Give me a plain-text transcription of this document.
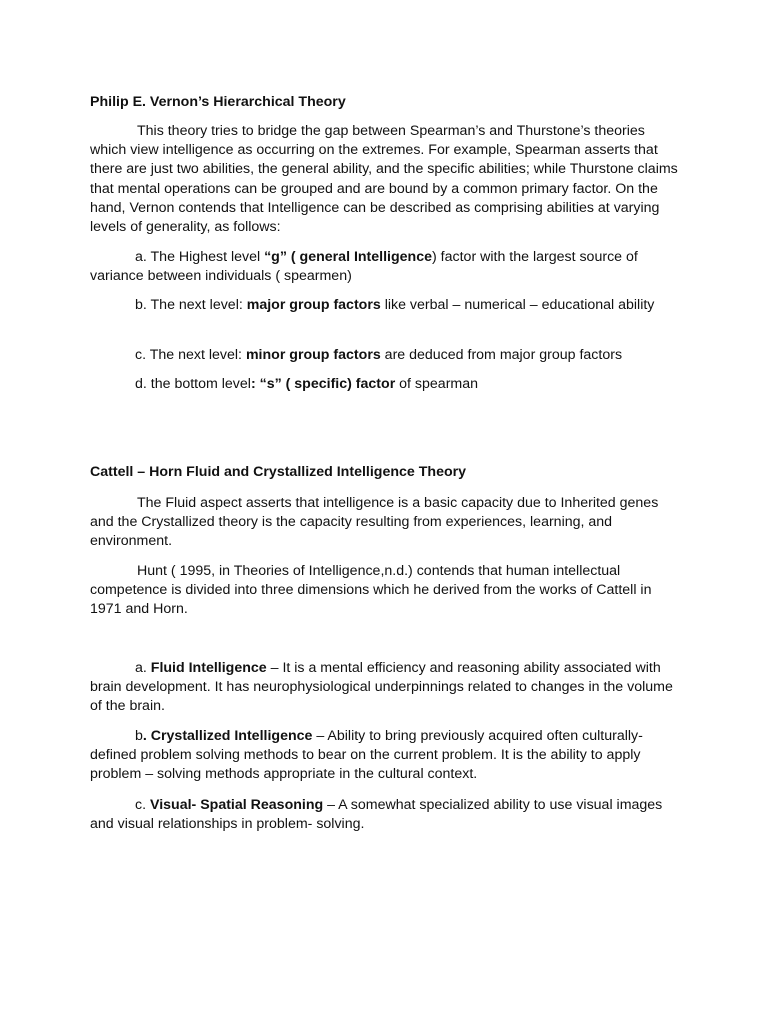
Philip E. Vernon’s Hierarchical Theory

This theory tries to bridge the gap between Spearman’s and Thurstone’s theories which view intelligence as occurring on the extremes. For example, Spearman asserts that there are just two abilities, the general ability, and the specific abilities; while Thurstone claims that mental operations can be grouped and are bound by a common primary factor. On the hand, Vernon contends that Intelligence can be described as comprising abilities at varying levels of generality, as follows:

a. The Highest level “g” ( general Intelligence) factor with the largest source of variance between individuals ( spearmen)

b. The next level: major group factors like verbal – numerical – educational ability

c. The next level: minor group factors are deduced from major group factors

d. the bottom level: “s” ( specific) factor of spearman

Cattell – Horn Fluid and Crystallized Intelligence Theory

The Fluid aspect asserts that intelligence is a basic capacity due to Inherited genes and the Crystallized theory is the capacity resulting from experiences, learning, and environment.

Hunt ( 1995, in Theories of Intelligence,n.d.) contends that human intellectual competence is divided into three dimensions which he derived from the works of Cattell in 1971 and Horn.

a. Fluid Intelligence – It is a mental efficiency and reasoning ability associated with brain development. It has neurophysiological underpinnings related to changes in the volume of the brain.

b. Crystallized Intelligence – Ability to bring previously acquired often culturally-defined problem solving methods to bear on the current problem. It is the ability to apply problem – solving methods appropriate in the cultural context.

c. Visual- Spatial Reasoning – A somewhat specialized ability to use visual images and visual relationships in problem- solving.
